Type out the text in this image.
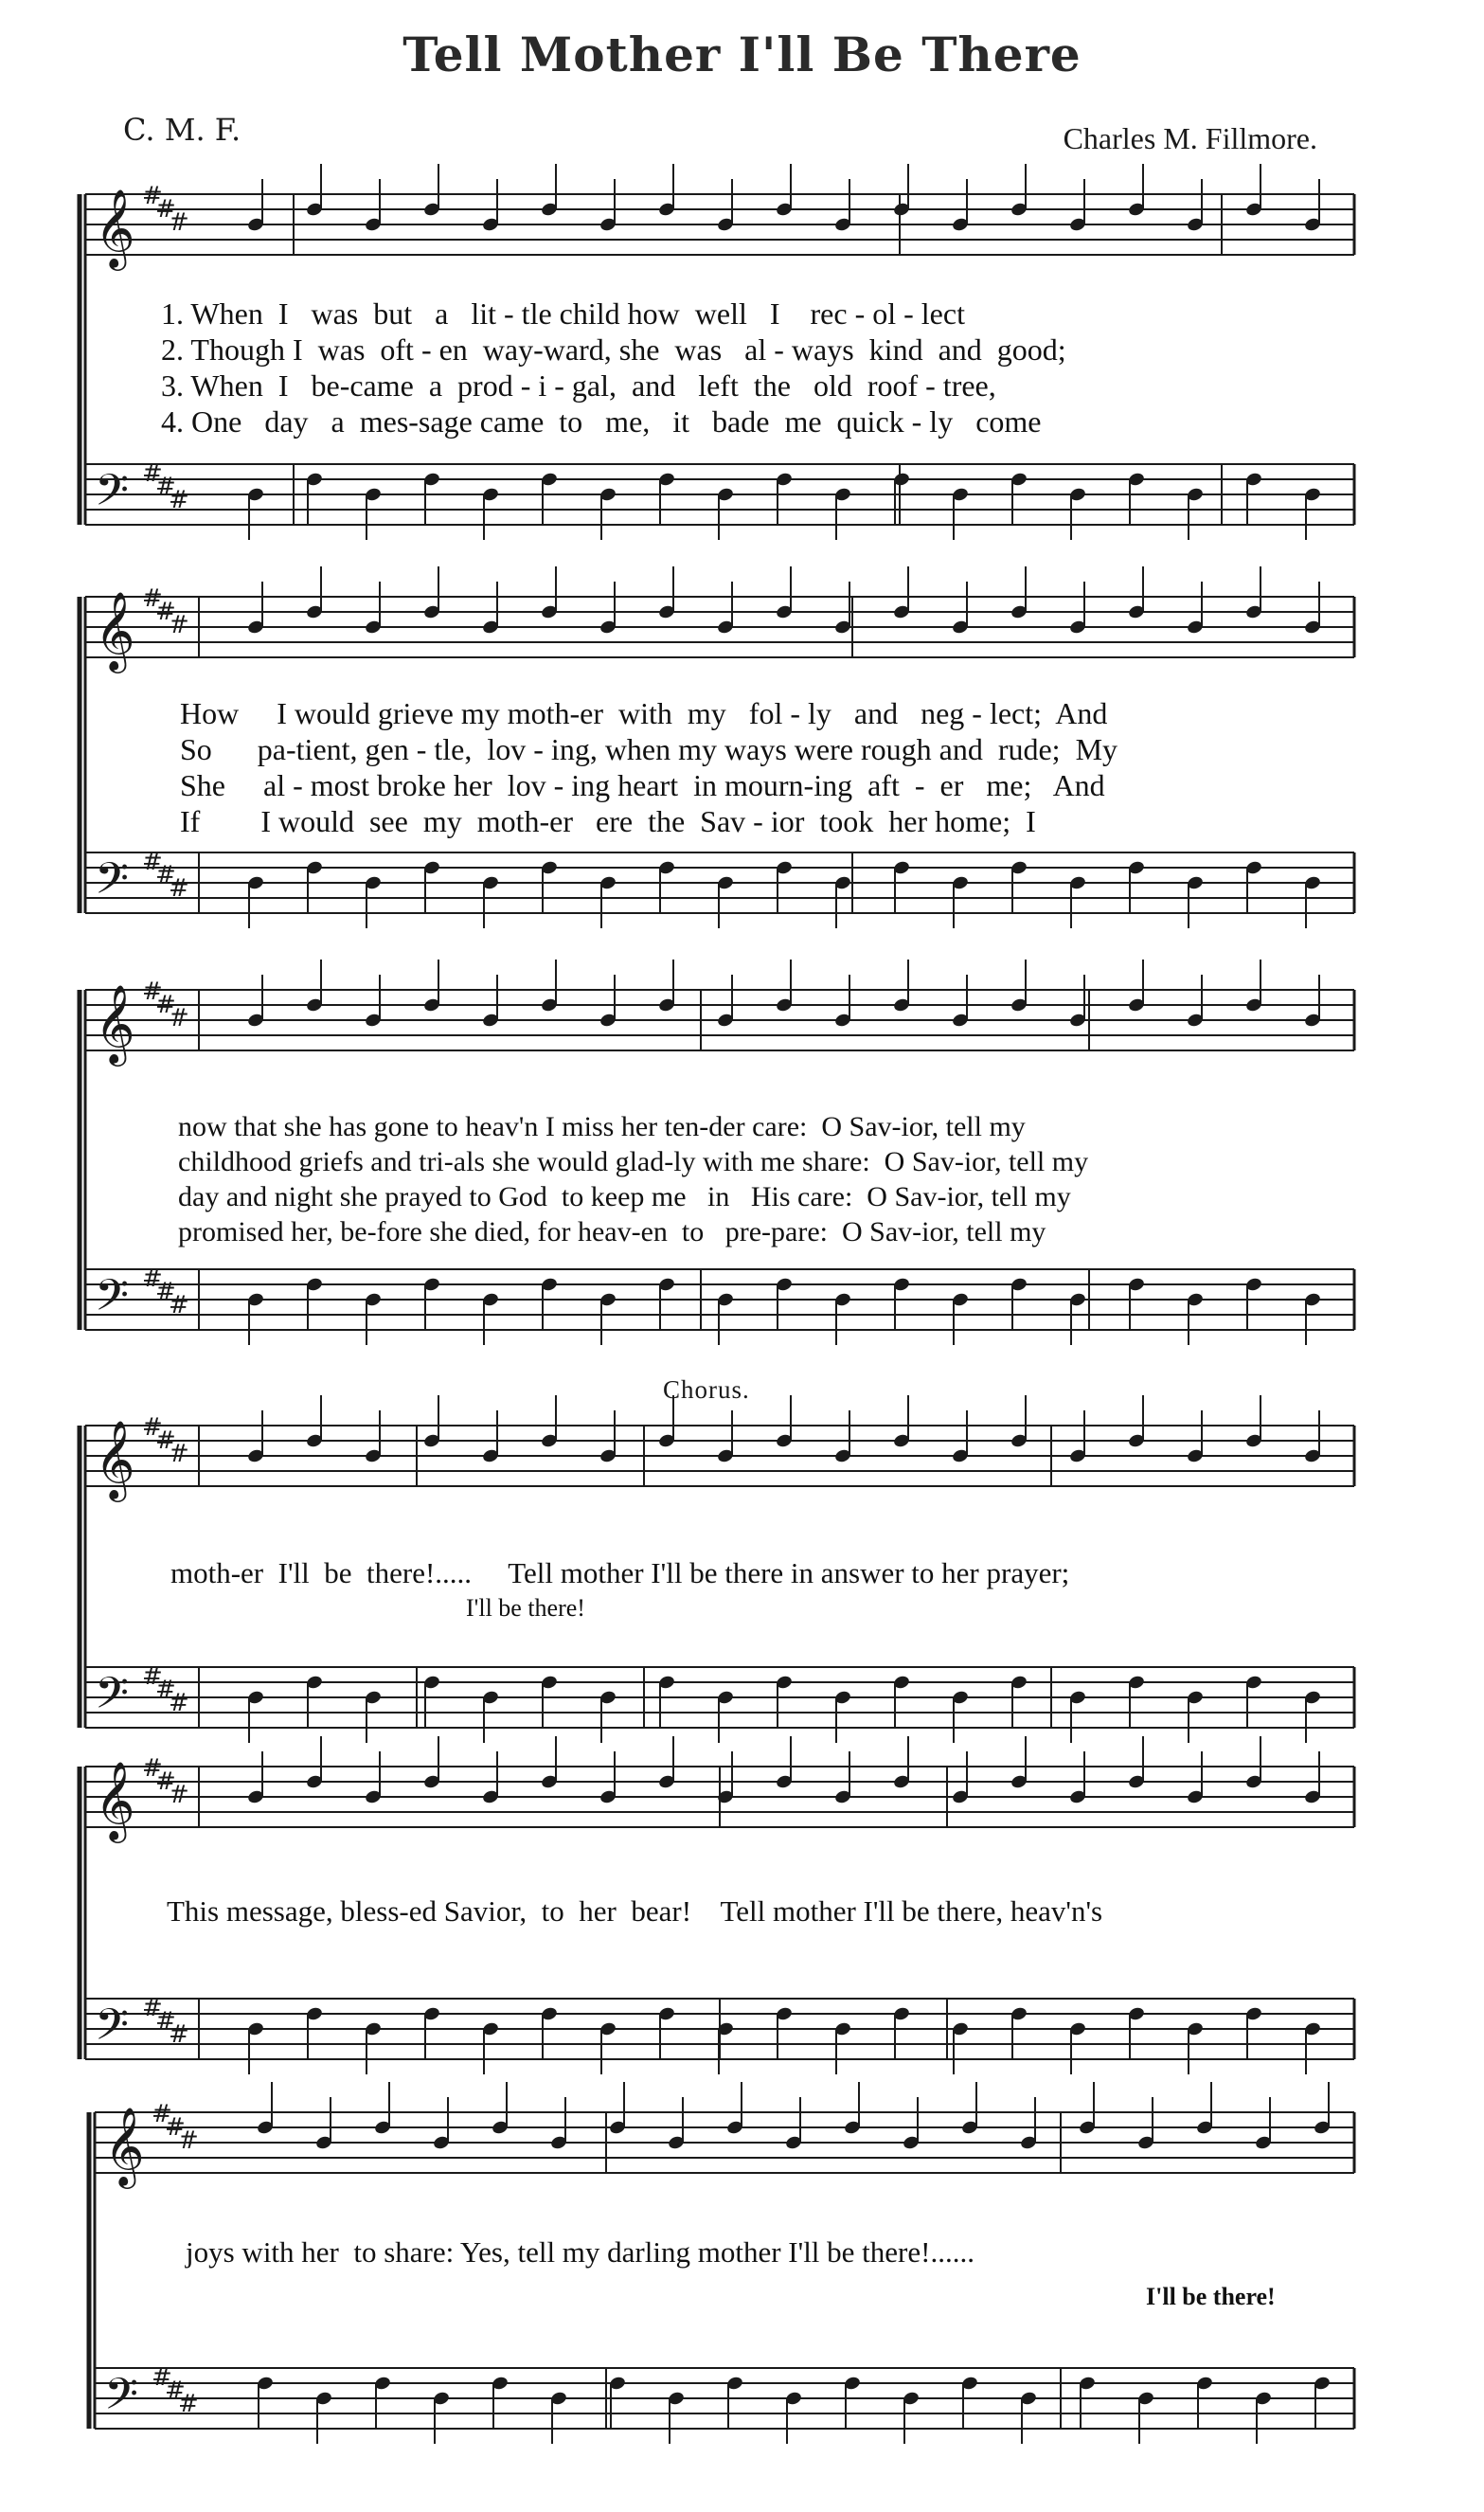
Tell Mother I'll Be There
C. M. F.	Charles M. Fillmore.
𝄞
𝄢
#
#
#
#
#
#
𝄞
𝄢
#
#
#
#
#
#
𝄞
𝄢
#
#
#
#
#
#
𝄞
𝄢
#
#
#
#
#
#
𝄞
𝄢
#
#
#
#
#
#
𝄞
𝄢
#
#
#
#
#
#
1. When  I   was  but   a   lit - tle child how  well   I    rec - ol - lect
2. Though I  was  oft - en  way-ward, she  was   al - ways  kind  and  good;
3. When  I   be-came  a  prod - i - gal,  and   left  the   old  roof - tree,
4. One   day   a  mes-sage came  to   me,   it   bade  me  quick - ly   come
How     I would grieve my moth-er  with  my   fol - ly   and   neg - lect;  And
So      pa-tient, gen - tle,  lov - ing, when my ways were rough and  rude;  My
She     al - most broke her  lov - ing heart  in mourn-ing  aft  -  er   me;   And
If        I would  see  my  moth-er   ere  the  Sav - ior  took  her home;  I
now that she has gone to heav'n I miss her ten-der care:  O Sav-ior, tell my
childhood griefs and tri-als she would glad-ly with me share:  O Sav-ior, tell my
day and night she prayed to God  to keep me   in   His care:  O Sav-ior, tell my
promised her, be-fore she died, for heav-en  to   pre-pare:  O Sav-ior, tell my
Chorus.
moth-er  I'll  be  there!.....     Tell mother I'll be there in answer to her prayer;
I'll be there!
This message, bless-ed Savior,  to  her  bear!    Tell mother I'll be there, heav'n's
joys with her  to share: Yes, tell my darling mother I'll be there!......
I'll be there!
